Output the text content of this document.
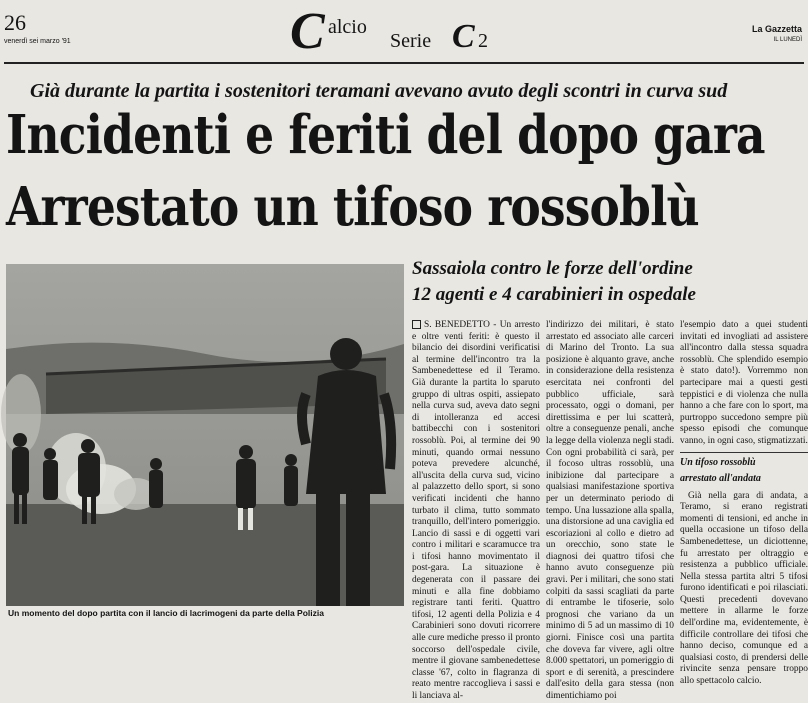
26
venerdì sei marzo '91	C alcio
Serie C 2
La Gazzetta
IL LUNEDÌ
Già durante la partita i sostenitori teramani avevano avuto degli scontri in curva sud
Incidenti e feriti del dopo gara
Arrestato un tifoso rossoblù
Un momento del dopo partita con il lancio di lacrimogeni da parte della Polizia
Sassaiola contro le forze dell'ordine
12 agenti e 4 carabinieri in ospedale

S. BENEDETTO - Un arresto e oltre venti feriti: è questo il bilancio dei disordini verificatisi al termine dell'incontro tra la Sambenedettese ed il Teramo. Già durante la partita lo sparuto gruppo di ultras ospiti, assiepato nella curva sud, aveva dato segni di intolleranza ed accesi battibecchi con i sostenitori rossoblù. Poi, al termine dei 90 minuti, quando ormai nessuno poteva prevedere alcunché, all'uscita della curva sud, vicino al palazzetto dello sport, si sono verificati incidenti che hanno turbato il clima, tutto sommato tranquillo, dell'intero pomeriggio. Lancio di sassi e di oggetti vari contro i militari e scaramucce tra i tifosi hanno movimentato il post-gara. La situazione è degenerata con il passare dei minuti e alla fine dobbiamo registrare tanti feriti. Quattro tifosi, 12 agenti della Polizia e 4 Carabinieri sono dovuti ricorrere alle cure mediche presso il pronto soccorso dell'ospedale civile, mentre il giovane sambenedettese classe '67, colto in flagranza di reato mentre raccoglieva i sassi e li lanciava al-

l'indirizzo dei militari, è stato arrestato ed associato alle carceri di Marino del Tronto. La sua posizione è alquanto grave, anche in considerazione della resistenza esercitata nei confronti del pubblico ufficiale, sarà processato, oggi o domani, per direttissima e per lui scatterà, oltre a conseguenze penali, anche la legge della violenza negli stadi. Con ogni probabilità ci sarà, per il focoso ultras rossoblù, una inibizione dal partecipare a qualsiasi manifestazione sportiva per un determinato periodo di tempo. Una lussazione alla spalla, una distorsione ad una caviglia ed escoriazioni al collo e dietro ad un orecchio, sono state le diagnosi dei quattro tifosi che hanno avuto conseguenze più gravi. Per i militari, che sono stati colpiti da sassi scagliati da parte di entrambe le tifoserie, solo prognosi che variano da un minimo di 5 ad un massimo di 10 giorni. Finisce così una partita che doveva far vivere, agli oltre 8.000 spettatori, un pomeriggio di sport e di serenità, a prescindere dall'esito della gara stessa (non dimentichiamo poi

l'esempio dato a quei studenti invitati ed invogliati ad assistere all'incontro dalla stessa squadra rossoblù. Che splendido esempio è stato dato!). Vorremmo non partecipare mai a questi gesti teppistici e di violenza che nulla hanno a che fare con lo sport, ma purtroppo succedono sempre più spesso episodi che comunque vanno, in ogni caso, stigmatizzati.

Un tifoso rossoblù
arrestato all'andata

Già nella gara di andata, a Teramo, si erano registrati momenti di tensioni, ed anche in quella occasione un tifoso della Sambenedettese, un diciottenne, fu arrestato per oltraggio e resistenza a pubblico ufficiale. Nella stessa partita altri 5 tifosi furono identificati e poi rilasciati. Questi precedenti dovevano mettere in allarme le forze dell'ordine ma, evidentemente, è difficile controllare dei tifosi che hanno deciso, comunque ed a qualsiasi costo, di prendersi delle rivincite senza pensare troppo allo spettacolo calcio.
